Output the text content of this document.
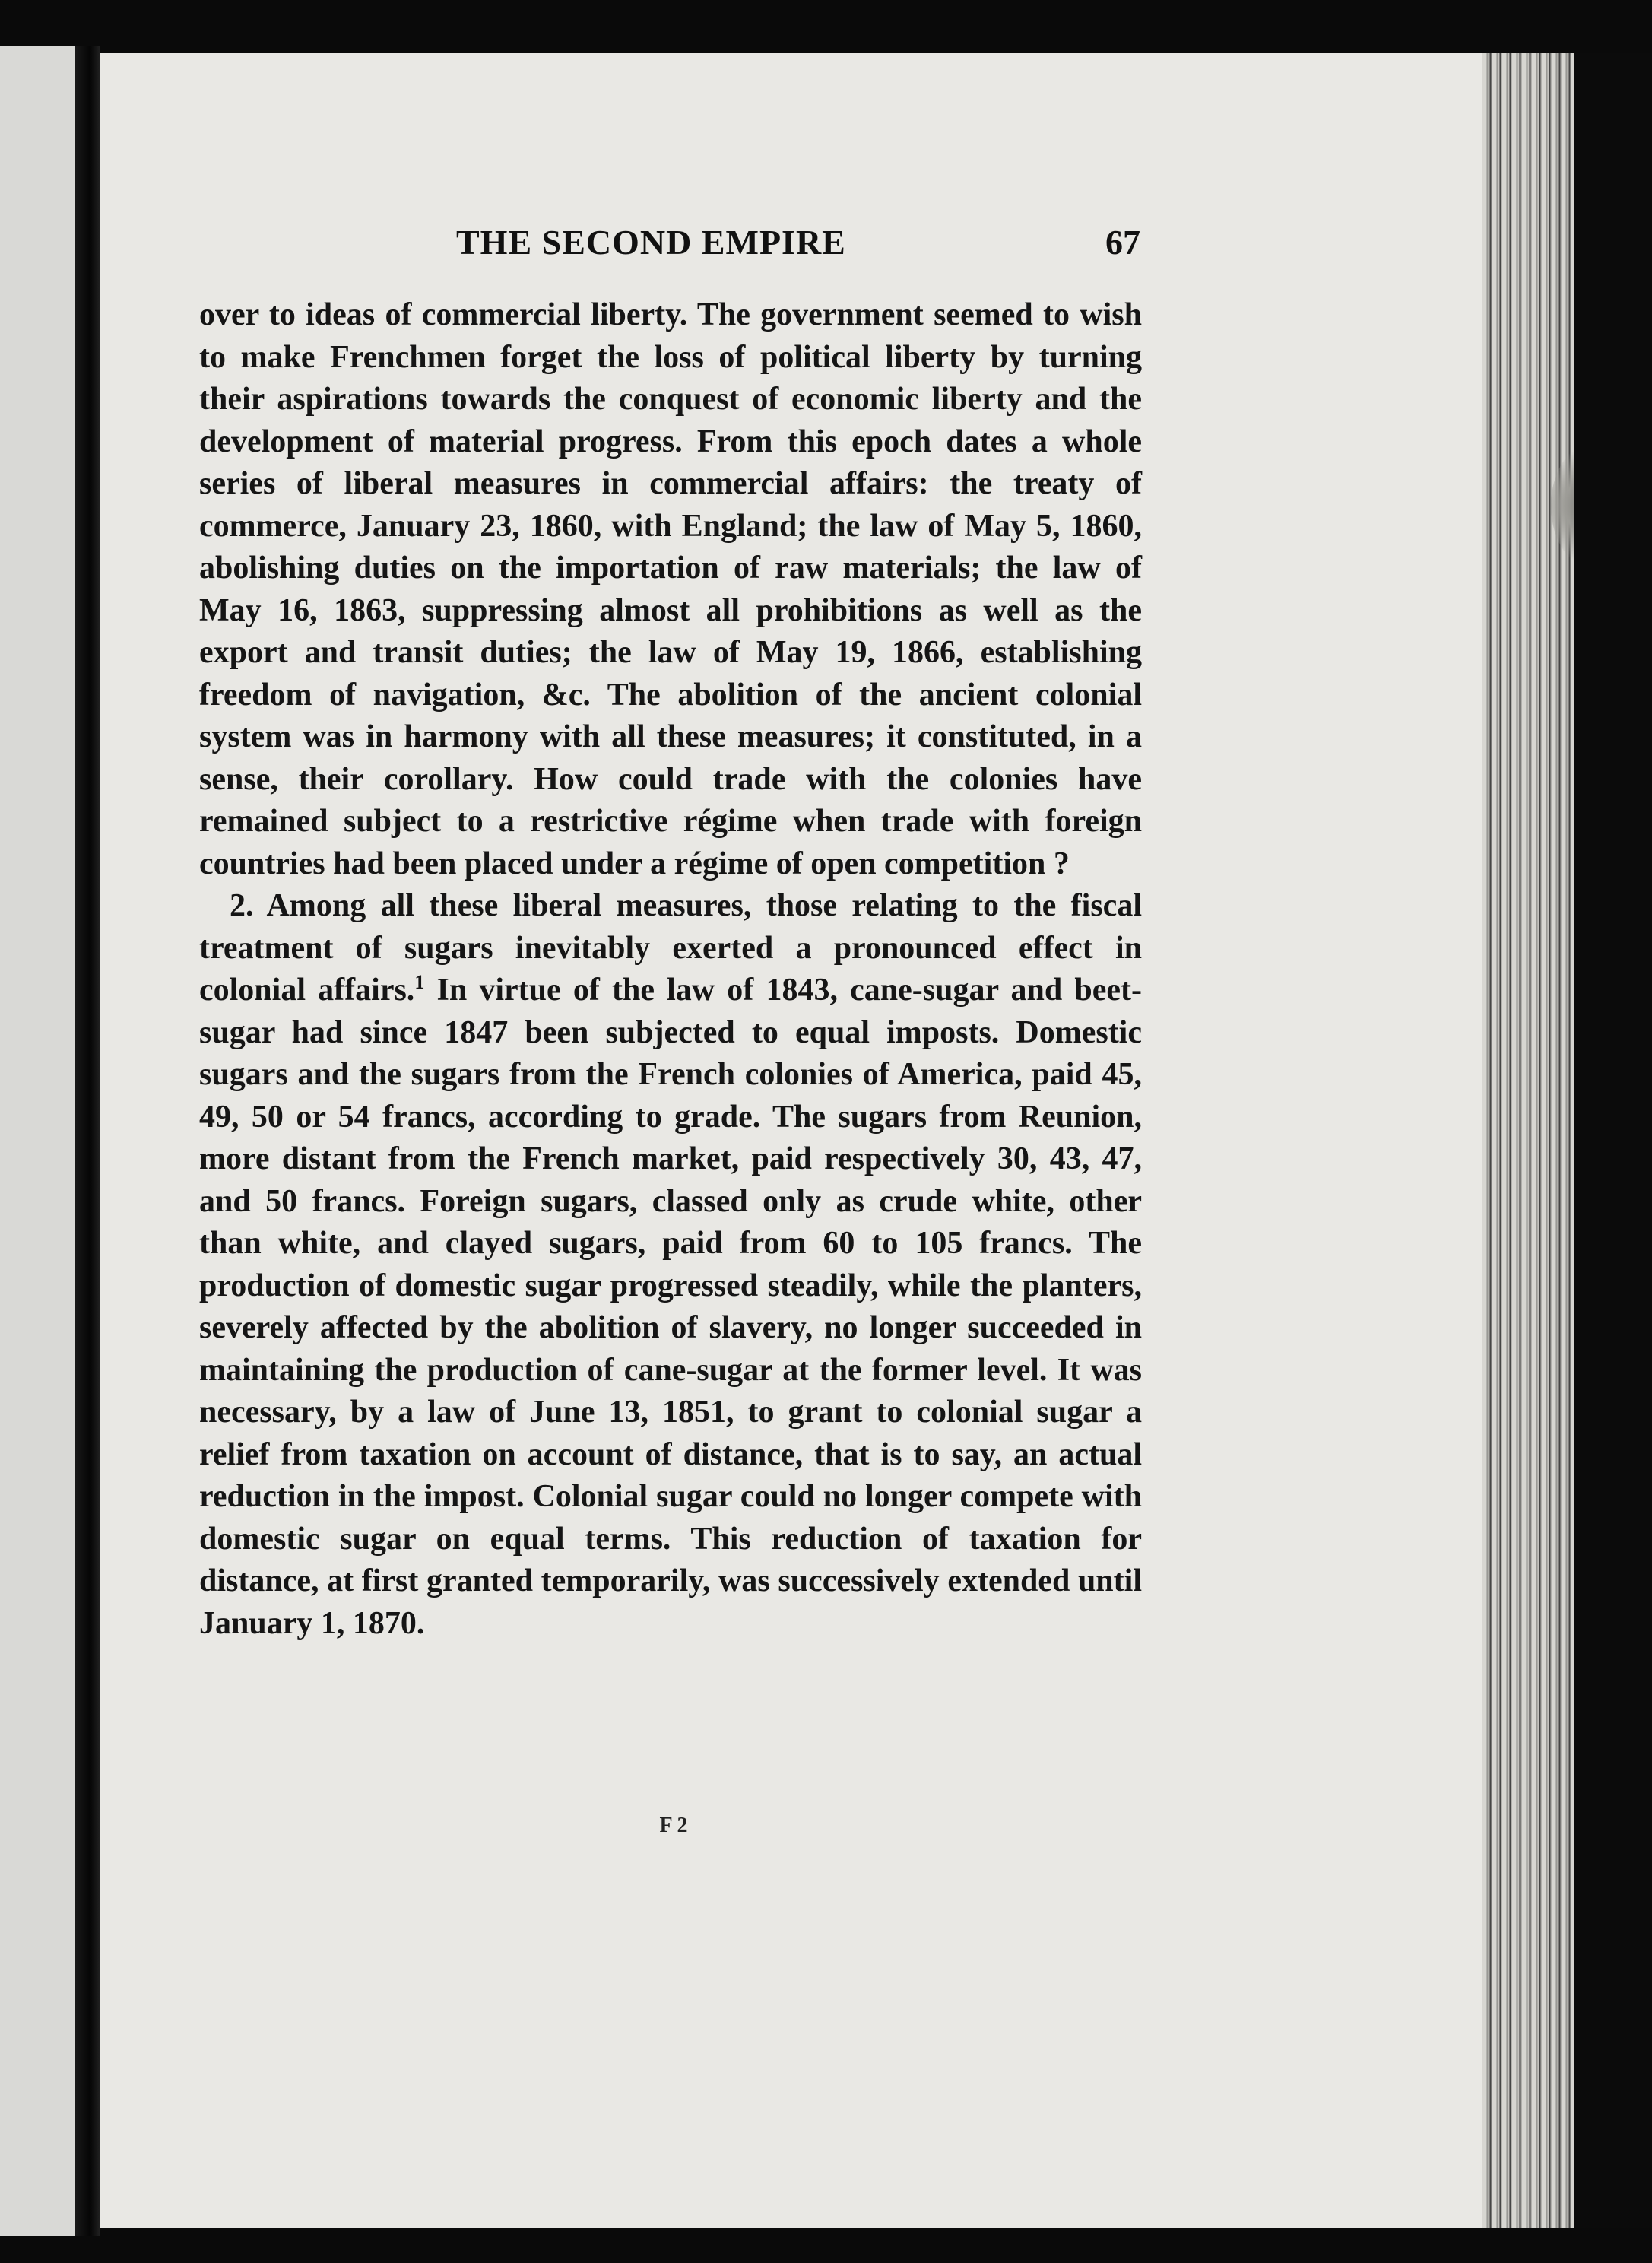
THE SECOND EMPIRE	67

over to ideas of commercial liberty. The government seemed to wish to make Frenchmen forget the loss of political liberty by turning their aspirations towards the conquest of economic liberty and the development of material progress. From this epoch dates a whole series of liberal measures in commercial affairs: the treaty of commerce, January 23, 1860, with England; the law of May 5, 1860, abolishing duties on the importation of raw materials; the law of May 16, 1863, suppressing almost all prohibitions as well as the export and transit duties; the law of May 19, 1866, establishing freedom of navigation, &c. The abolition of the ancient colonial system was in harmony with all these measures; it constituted, in a sense, their corollary. How could trade with the colonies have remained subject to a restrictive régime when trade with foreign countries had been placed under a régime of open competition ?

2. Among all these liberal measures, those relating to the fiscal treatment of sugars inevitably exerted a pronounced effect in colonial affairs.$^1$ In virtue of the law of 1843, cane-sugar and beet-sugar had since 1847 been subjected to equal imposts. Domestic sugars and the sugars from the French colonies of America, paid 45, 49, 50 or 54 francs, according to grade. The sugars from Reunion, more distant from the French market, paid respectively 30, 43, 47, and 50 francs. Foreign sugars, classed only as crude white, other than white, and clayed sugars, paid from 60 to 105 francs. The production of domestic sugar progressed steadily, while the planters, severely affected by the abolition of slavery, no longer succeeded in maintaining the production of cane-sugar at the former level. It was necessary, by a law of June 13, 1851, to grant to colonial sugar a relief from taxation on account of distance, that is to say, an actual reduction in the impost. Colonial sugar could no longer compete with domestic sugar on equal terms. This reduction of taxation for distance, at first granted temporarily, was successively extended until January 1, 1870.

F 2
